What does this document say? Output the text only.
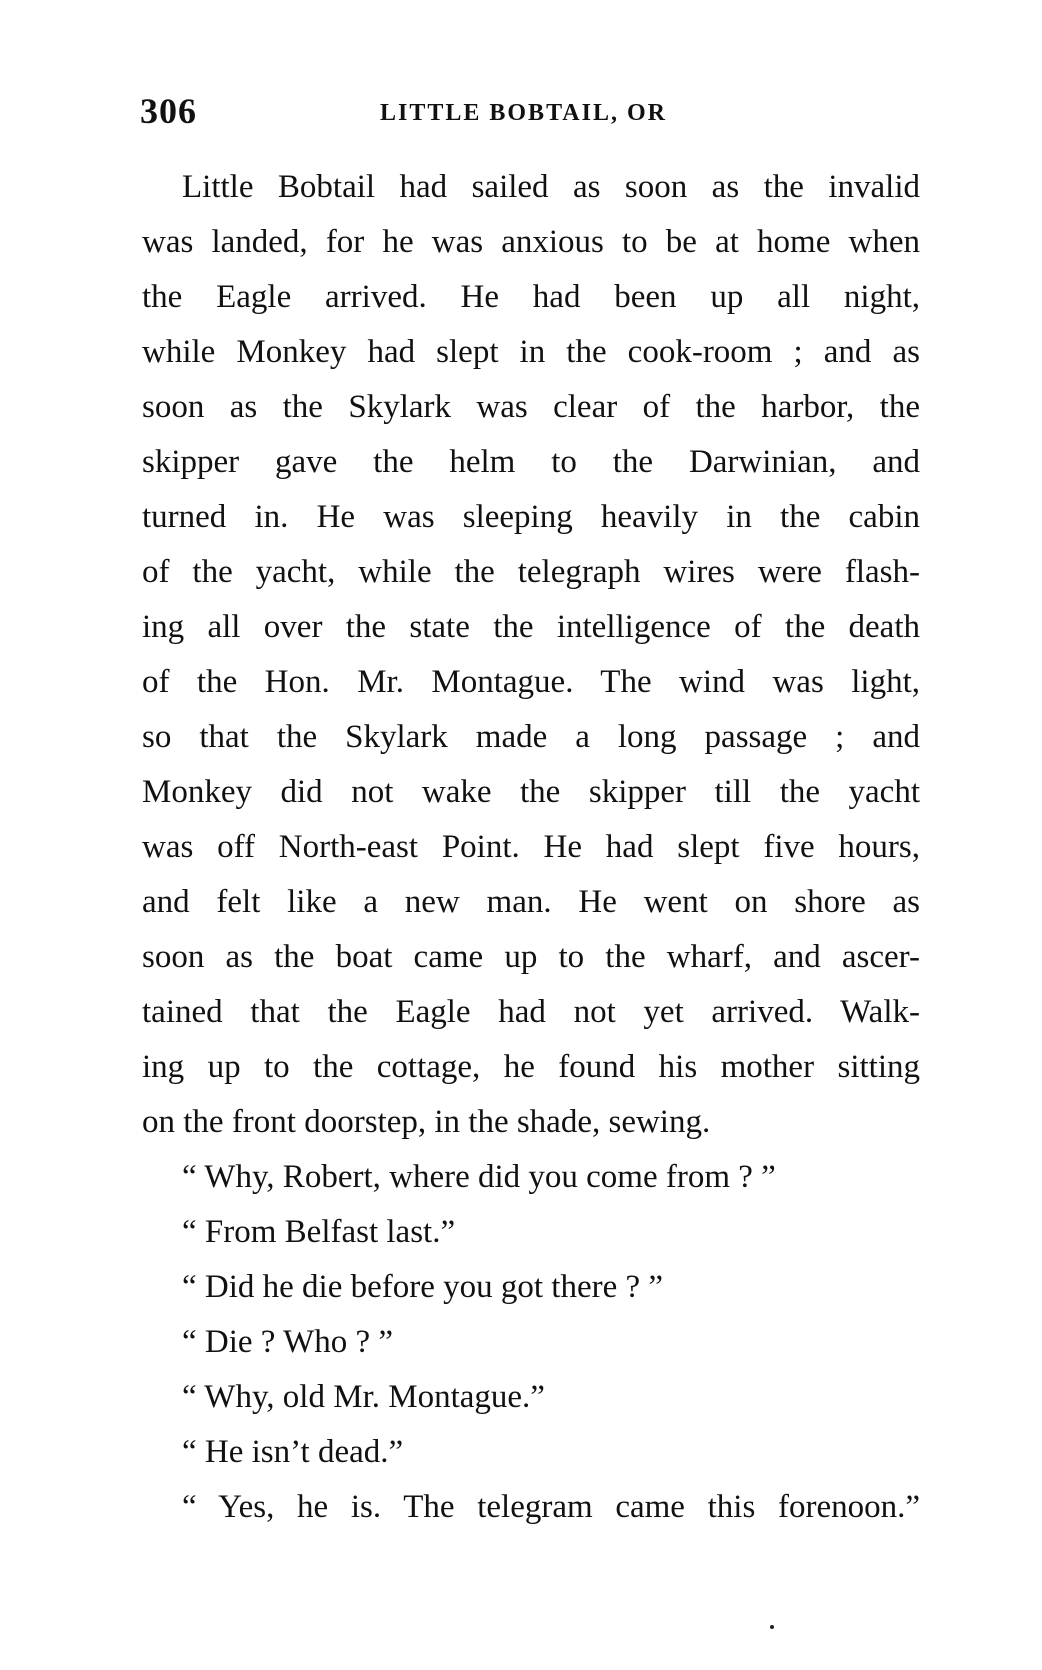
306	LITTLE BOBTAIL, OR
Little Bobtail had sailed as soon as the invalid
was landed, for he was anxious to be at home when
the Eagle arrived. He had been up all night,
while Monkey had slept in the cook-room ; and as
soon as the Skylark was clear of the harbor, the
skipper gave the helm to the Darwinian, and
turned in. He was sleeping heavily in the cabin
of the yacht, while the telegraph wires were flash-
ing all over the state the intelligence of the death
of the Hon. Mr. Montague. The wind was light,
so that the Skylark made a long passage ; and
Monkey did not wake the skipper till the yacht
was off North-east Point. He had slept five hours,
and felt like a new man. He went on shore as
soon as the boat came up to the wharf, and ascer-
tained that the Eagle had not yet arrived. Walk-
ing up to the cottage, he found his mother sitting
on the front doorstep, in the shade, sewing.
“ Why, Robert, where did you come from ? ”
“ From Belfast last.”
“ Did he die before you got there ? ”
“ Die ? Who ? ”
“ Why, old Mr. Montague.”
“ He isn’t dead.”
“ Yes, he is. The telegram came this forenoon.”
